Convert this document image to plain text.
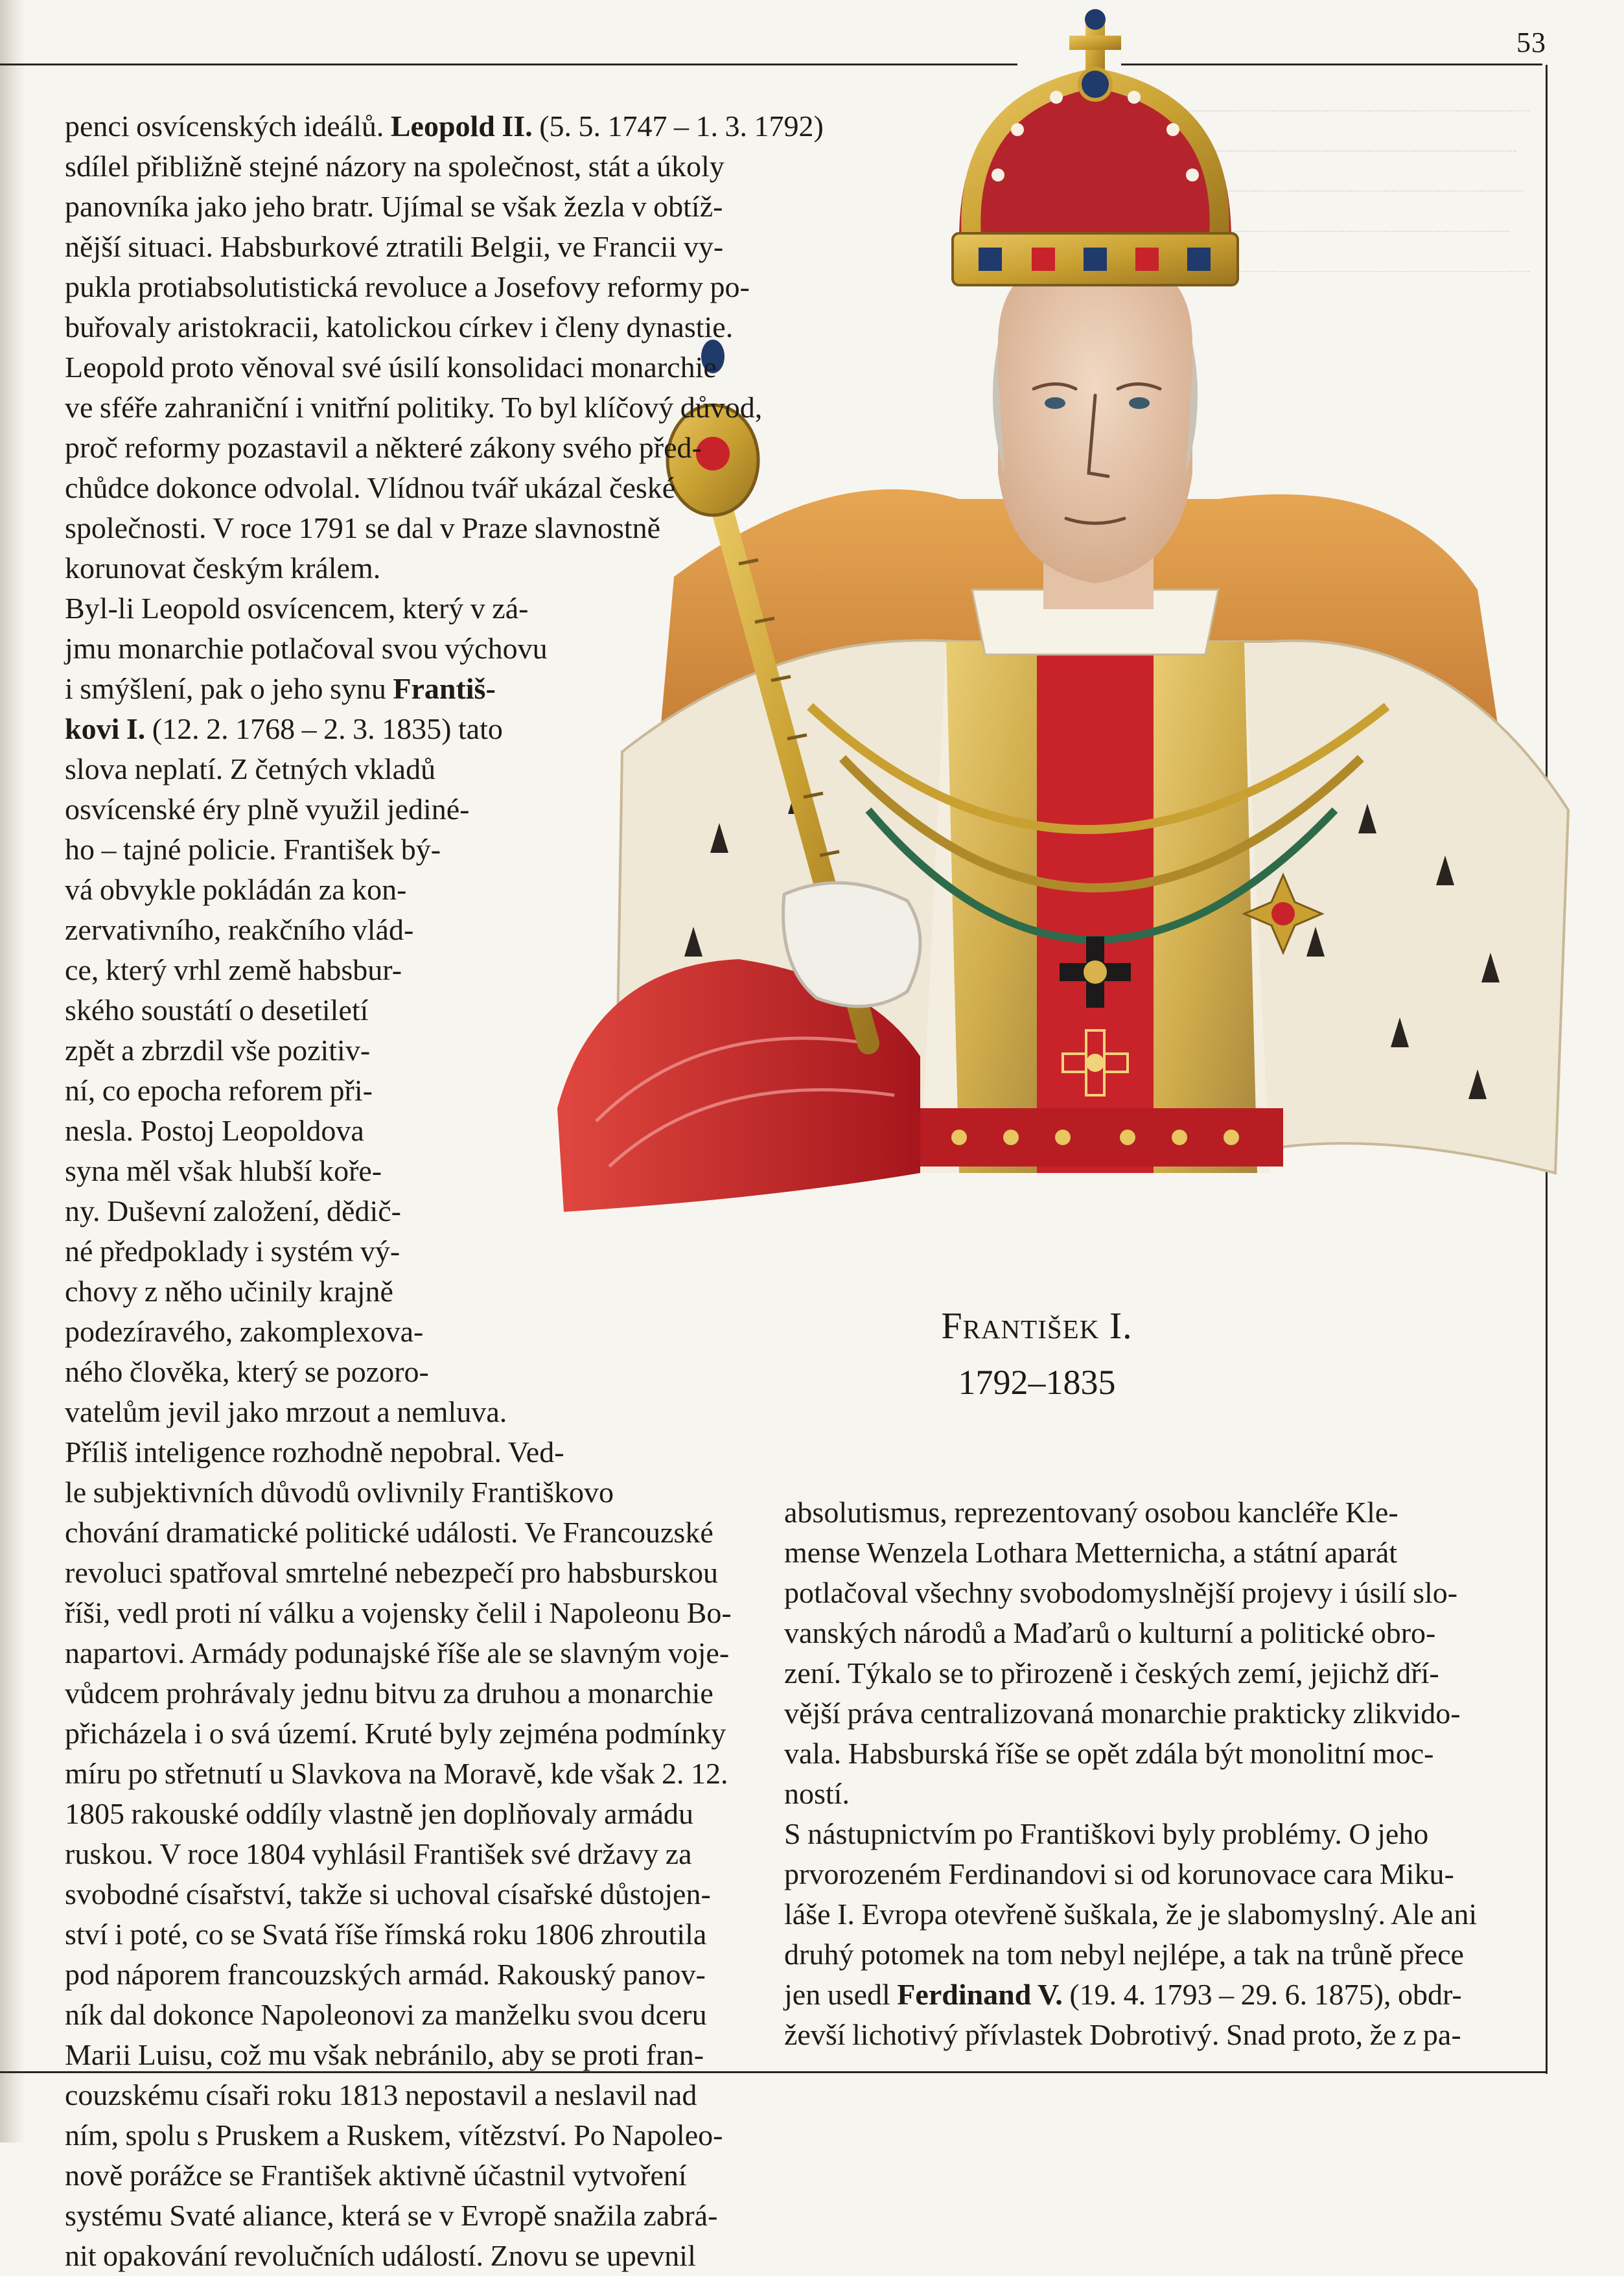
53
penci osvícenských ideálů. Leopold II. (5. 5. 1747 – 1. 3. 1792)
sdílel přibližně stejné názory na společnost, stát a úkoly
panovníka jako jeho bratr. Ujímal se však žezla v obtíž-
nější situaci. Habsburkové ztratili Belgii, ve Francii vy-
pukla protiabsolutistická revoluce a Josefovy reformy po-
buřovaly aristokracii, katolickou církev i členy dynastie.
Leopold proto věnoval své úsilí konsolidaci monarchie
ve sféře zahraniční i vnitřní politiky. To byl klíčový důvod,
proč reformy pozastavil a některé zákony svého před-
chůdce dokonce odvolal. Vlídnou tvář ukázal české
společnosti. V roce 1791 se dal v Praze slavnostně
korunovat českým králem.
Byl-li Leopold osvícencem, který v zá-
jmu monarchie potlačoval svou výchovu
i smýšlení, pak o jeho synu Františ-
kovi I. (12. 2. 1768 – 2. 3. 1835) tato
slova neplatí. Z četných vkladů
osvícenské éry plně využil jediné-
ho – tajné policie. František bý-
vá obvykle pokládán za kon-
zervativního, reakčního vlád-
ce, který vrhl země habsbur-
ského soustátí o desetiletí
zpět a zbrzdil vše pozitiv-
ní, co epocha reforem při-
nesla. Postoj Leopoldova
syna měl však hlubší koře-
ny. Duševní založení, dědič-
né předpoklady i systém vý-
chovy z něho učinily krajně
podezíravého, zakomplexova-
ného člověka, který se pozoro-
vatelům jevil jako mrzout a nemluva.
Příliš inteligence rozhodně nepobral. Ved-
le subjektivních důvodů ovlivnily Františkovo
chování dramatické politické události. Ve Francouzské
revoluci spatřoval smrtelné nebezpečí pro habsburskou
říši, vedl proti ní válku a vojensky čelil i Napoleonu Bo-
napartovi. Armády podunajské říše ale se slavným voje-
vůdcem prohrávaly jednu bitvu za druhou a monarchie
přicházela i o svá území. Kruté byly zejména podmínky
míru po střetnutí u Slavkova na Moravě, kde však 2. 12.
1805 rakouské oddíly vlastně jen doplňovaly armádu
ruskou. V roce 1804 vyhlásil František své državy za
svobodné císařství, takže si uchoval císařské důstojen-
ství i poté, co se Svatá říše římská roku 1806 zhroutila
pod náporem francouzských armád. Rakouský panov-
ník dal dokonce Napoleonovi za manželku svou dceru
Marii Luisu, což mu však nebránilo, aby se proti fran-
couzskému císaři roku 1813 nepostavil a neslavil nad
ním, spolu s Pruskem a Ruskem, vítězství. Po Napoleo-
nově porážce se František aktivně účastnil vytvoření
systému Svaté aliance, která se v Evropě snažila zabrá-
nit opakování revolučních událostí. Znovu se upevnil
František I.
1792–1835
absolutismus, reprezentovaný osobou kancléře Kle-
mense Wenzela Lothara Metternicha, a státní aparát
potlačoval všechny svobodomyslnější projevy i úsilí slo-
vanských národů a Maďarů o kulturní a politické obro-
zení. Týkalo se to přirozeně i českých zemí, jejichž dří-
vější práva centralizovaná monarchie prakticky zlikvido-
vala. Habsburská říše se opět zdála být monolitní moc-
ností.
S nástupnictvím po Františkovi byly problémy. O jeho
prvorozeném Ferdinandovi si od korunovace cara Miku-
láše I. Evropa otevřeně šuškala, že je slabomyslný. Ale ani
druhý potomek na tom nebyl nejlépe, a tak na trůně přece
jen usedl Ferdinand V. (19. 4. 1793 – 29. 6. 1875), obdr-
ževší lichotivý přívlastek Dobrotivý. Snad proto, že z pa-
